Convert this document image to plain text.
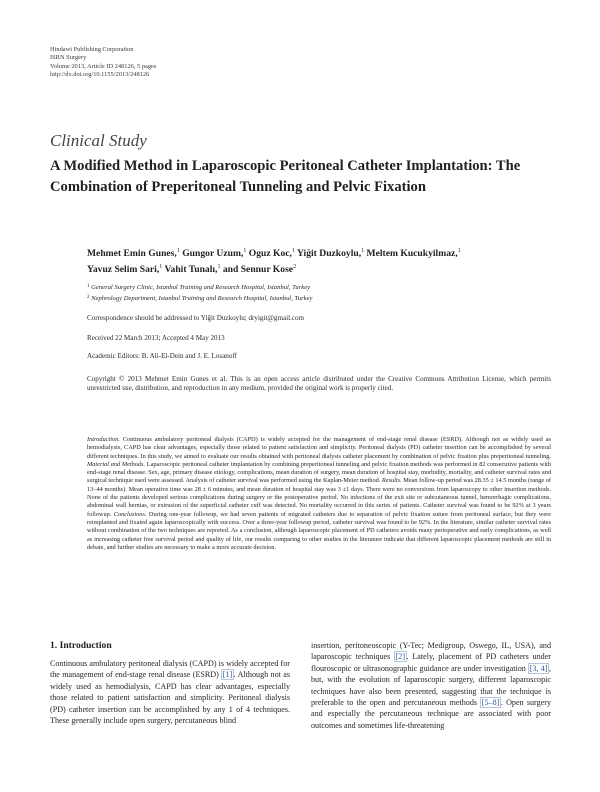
Hindawi Publishing Corporation
ISRN Surgery
Volume 2013, Article ID 248126, 5 pages
http://dx.doi.org/10.1155/2013/248126
Clinical Study
A Modified Method in Laparoscopic Peritoneal Catheter Implantation: The Combination of Preperitoneal Tunneling and Pelvic Fixation
Mehmet Emin Gunes,$^1$ Gungor Uzum,$^1$ Oguz Koc,$^1$ Yiğit Duzkoylu,$^1$ Meltem Kucukyilmaz,$^1$
Yavuz Selim Sari,$^1$ Vahit Tunalı,$^1$ and Sennur Kose$^2$
$^1$ General Surgery Clinic, Istanbul Training and Research Hospital, Istanbul, Turkey
$^2$ Nephrology Department, Istanbul Training and Research Hospital, Istanbul, Turkey
Correspondence should be addressed to Yiğit Duzkoylu; dryigit@gmail.com
Received 22 March 2013; Accepted 4 May 2013
Academic Editors: B. Ali-El-Dein and J. E. Losanoff
Copyright © 2013 Mehmet Emin Gunes et al. This is an open access article distributed under the Creative Commons Attribution License, which permits unrestricted use, distribution, and reproduction in any medium, provided the original work is properly cited.
Introduction. Continuous ambulatory peritoneal dialysis (CAPD) is widely accepted for the management of end-stage renal disease (ESRD). Although not as widely used as hemodialysis, CAPD has clear advantages, especially those related to patient satisfaction and simplicity. Peritoneal dialysis (PD) catheter insertion can be accomplished by several different techniques. In this study, we aimed to evaluate our results obtained with peritoneal dialysis catheter placement by combination of pelvic fixation plus preperitoneal tunneling. Material and Methods. Laparoscopic peritoneal catheter implantation by combining preperitoneal tunneling and pelvic fixation methods was performed in 82 consecutive patients with end-stage renal disease. Sex, age, primary disease etiology, complications, mean duration of surgery, mean duration of hospital stay, morbidity, mortality, and catheter survival rates and surgical technique used were assessed. Analysis of catheter survival was performed using the Kaplan-Meier method. Results. Mean follow-up period was 28.35 ± 14.5 months (range of 13–44 months). Mean operative time was 28 ± 6 minutes, and mean duration of hospital stay was 3 ±1 days. There were no conversions from laparoscopy to other insertion methods. None of the patients developed serious complications during surgery or the postoperative period. No infections of the exit site or subcutaneous tunnel, hemorrhagic complications, abdominal wall hernias, or extrusion of the superficial catheter cuff was detected. No mortality occurred in this series of patients. Catheter survival was found to be 92% at 3 years followup. Conclusions. During one-year followup, we had seven patients of migrated catheters due to separation of pelvic fixation suture from peritoneal surface, but they were reimplanted and fixated again laparoscopically with success. Over a three-year followup period, catheter survival was found to be 92%. In the literature, similar catheter survival rates without combination of the two techniques are reported. As a conclusion, although laparoscopic placement of PD catheters avoids many perioperative and early complications, as well as increasing catheter free survival period and quality of life, our results comparing to other studies in the literature indicate that different laparoscopic placement methods are still in debate, and further studies are necessary to make a more accurate decision.
1. Introduction
Continuous ambulatory peritoneal dialysis (CAPD) is widely accepted for the management of end-stage renal disease (ESRD) [1] . Although not as widely used as hemodialysis, CAPD has clear advantages, especially those related to patient satisfaction and simplicity. Peritoneal dialysis (PD) catheter insertion can be accomplished by any 1 of 4 techniques. These generally include open surgery, percutaneous blind
insertion, peritoneoscopic (Y-Tec; Medigroup, Oswego, IL, USA), and laparoscopic techniques [2] . Lately, placement of PD catheters under flouroscopic or ultrasonographic guidance are under investigation [3, 4] , but, with the evolution of laparoscopic surgery, different laparoscopic techniques have also been presented, suggesting that the technique is preferable to the open and percutaneous methods [5–8] . Open surgery and especially the percutaneous technique are associated with poor outcomes and sometimes life-threatening
